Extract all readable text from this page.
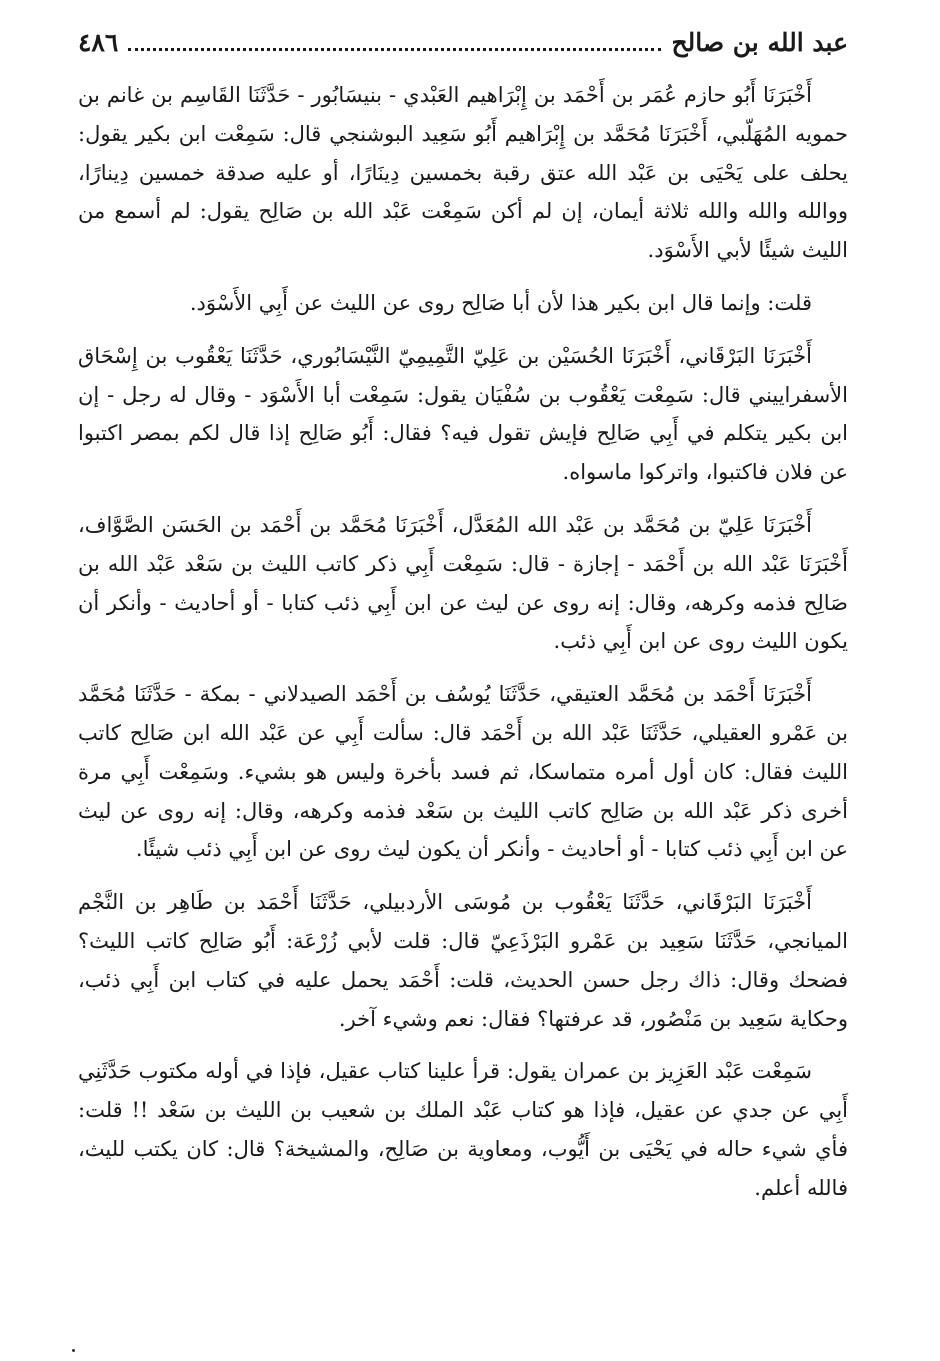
عبد الله بن صالح
٤٨٦

أَخْبَرَنَا أَبُو حازم عُمَر بن أَحْمَد بن إِبْرَاهيم العَبْدي - بنيسَابُور - حَدَّثَنَا القَاسِم بن غانم بن حمويه المُهَلّبي، أَخْبَرَنَا مُحَمَّد بن إِبْرَاهيم أَبُو سَعِيد البوشنجي قال: سَمِعْت ابن بكير يقول: يحلف على يَحْيَى بن عَبْد الله عتق رقبة بخمسين دِينَارًا، أو عليه صدقة خمسين دِينارًا، ووالله والله والله ثلاثة أيمان، إن لم أكن سَمِعْت عَبْد الله بن صَالِح يقول: لم أسمع من الليث شيئًا لأبي الأَسْوَد.

قلت: وإنما قال ابن بكير هذا لأن أبا صَالِح روى عن الليث عن أَبِي الأَسْوَد.

أَخْبَرَنَا البَرْقَاني، أَخْبَرَنَا الحُسَيْن بن عَلِيّ التَّمِيمِيّ النَّيْسَابُوري، حَدَّثَنَا يَعْقُوب بن إِسْحَاق الأسفراييني قال: سَمِعْت يَعْقُوب بن سُفْيَان يقول: سَمِعْت أبا الأَسْوَد - وقال له رجل - إن ابن بكير يتكلم في أَبِي صَالِح فإيش تقول فيه؟ فقال: أَبُو صَالِح إذا قال لكم بمصر اكتبوا عن فلان فاكتبوا، واتركوا ماسواه.

أَخْبَرَنَا عَلِيّ بن مُحَمَّد بن عَبْد الله المُعَدَّل، أَخْبَرَنَا مُحَمَّد بن أَحْمَد بن الحَسَن الصَّوَّاف، أَخْبَرَنَا عَبْد الله بن أَحْمَد - إجازة - قال: سَمِعْت أَبِي ذكر كاتب الليث بن سَعْد عَبْد الله بن صَالِح فذمه وكرهه، وقال: إنه روى عن ليث عن ابن أَبِي ذئب كتابا - أو أحاديث - وأنكر أن يكون الليث روى عن ابن أَبِي ذئب.

أَخْبَرَنَا أَحْمَد بن مُحَمَّد العتيقي، حَدَّثَنَا يُوسُف بن أَحْمَد الصيدلاني - بمكة - حَدَّثَنَا مُحَمَّد بن عَمْرو العقيلي، حَدَّثَنَا عَبْد الله بن أَحْمَد قال: سألت أَبِي عن عَبْد الله ابن صَالِح كاتب الليث فقال: كان أول أمره متماسكا، ثم فسد بأخرة وليس هو بشيء. وسَمِعْت أَبِي مرة أخرى ذكر عَبْد الله بن صَالِح كاتب الليث بن سَعْد فذمه وكرهه، وقال: إنه روى عن ليث عن ابن أَبِي ذئب كتابا - أو أحاديث - وأنكر أن يكون ليث روى عن ابن أَبِي ذئب شيئًا.

أَخْبَرَنَا البَرْقَاني، حَدَّثَنَا يَعْقُوب بن مُوسَى الأردبيلي، حَدَّثَنَا أَحْمَد بن طَاهِر بن النَّجْم الميانجي، حَدَّثَنَا سَعِيد بن عَمْرو البَرْذَعِيّ قال: قلت لأبي زُرْعَة: أَبُو صَالِح كاتب الليث؟ فضحك وقال: ذاك رجل حسن الحديث، قلت: أَحْمَد يحمل عليه في كتاب ابن أَبِي ذئب، وحكاية سَعِيد بن مَنْصُور، قد عرفتها؟ فقال: نعم وشيء آخر.

سَمِعْت عَبْد العَزِيز بن عمران يقول: قرأ علينا كتاب عقيل، فإذا في أوله مكتوب حَدَّثَنِي أَبِي عن جدي عن عقيل، فإذا هو كتاب عَبْد الملك بن شعيب بن الليث بن سَعْد !! قلت: فأي شيء حاله في يَحْيَى بن أَيُّوب، ومعاوية بن صَالِح، والمشيخة؟ قال: كان يكتب لليث، فالله أعلم.
